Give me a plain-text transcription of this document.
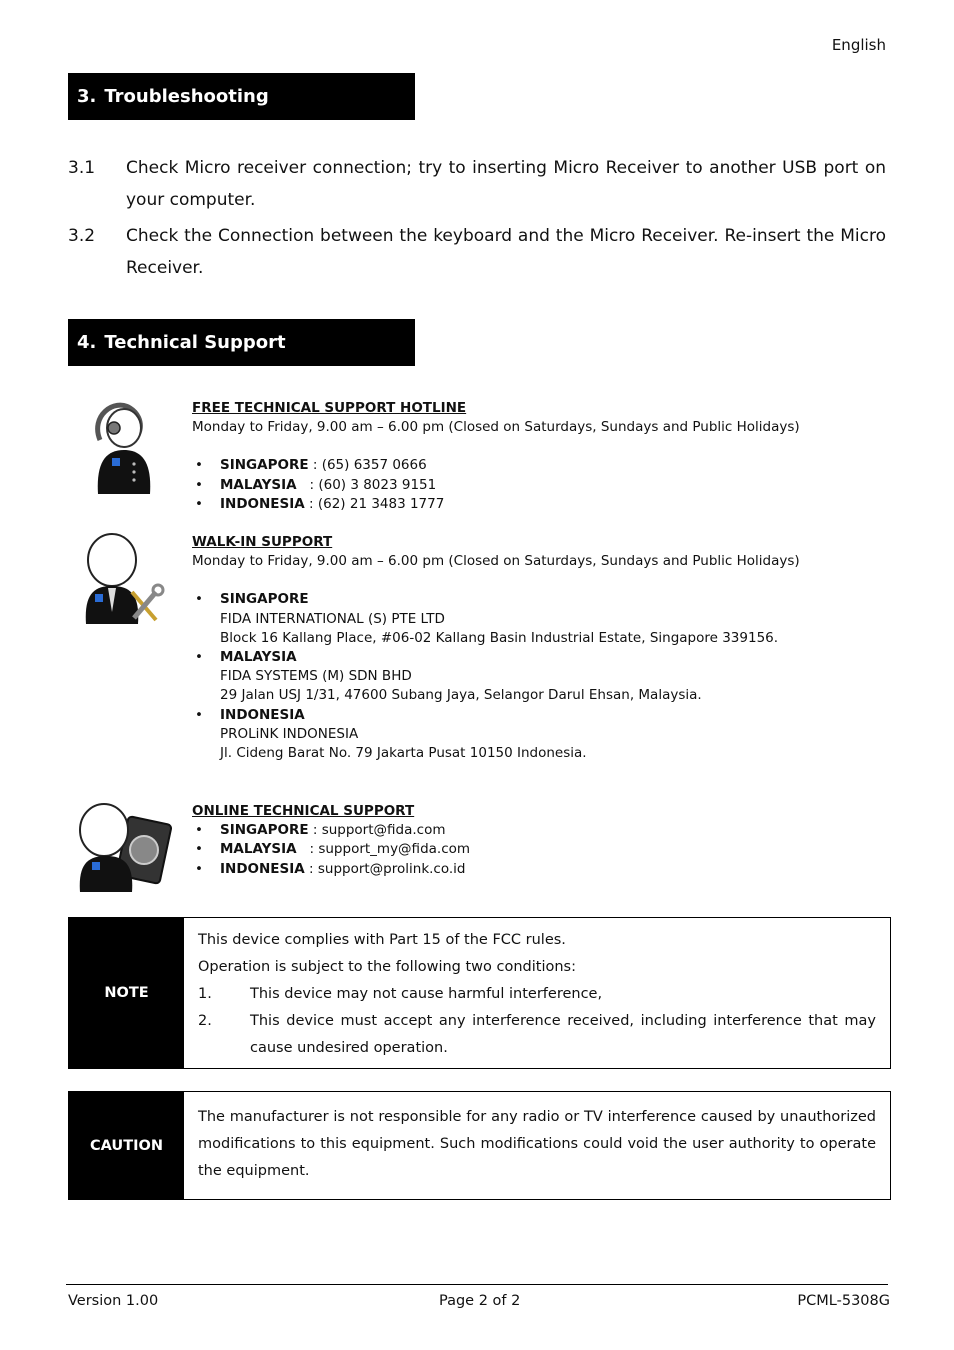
English
3. Troubleshooting
3.1	Check Micro receiver connection; try to inserting Micro Receiver to another USB port on your computer.
3.2	Check the Connection between the keyboard and the Micro Receiver. Re-insert the Micro Receiver.
4. Technical Support
FREE TECHNICAL SUPPORT HOTLINE
Monday to Friday, 9.00 am – 6.00 pm (Closed on Saturdays, Sundays and Public Holidays)
• SINGAPORE : (65) 6357 0666
• MALAYSIA   : (60) 3 8023 9151
• INDONESIA : (62) 21 3483 1777
WALK-IN SUPPORT
Monday to Friday, 9.00 am – 6.00 pm (Closed on Saturdays, Sundays and Public Holidays)
• SINGAPORE
FIDA INTERNATIONAL (S) PTE LTD
Block 16 Kallang Place, #06-02 Kallang Basin Industrial Estate, Singapore 339156.
• MALAYSIA
FIDA SYSTEMS (M) SDN BHD
29 Jalan USJ 1/31, 47600 Subang Jaya, Selangor Darul Ehsan, Malaysia.
• INDONESIA
PROLiNK INDONESIA
Jl. Cideng Barat No. 79 Jakarta Pusat 10150 Indonesia.
ONLINE TECHNICAL SUPPORT
• SINGAPORE : support@fida.com
• MALAYSIA   : support_my@fida.com
• INDONESIA : support@prolink.co.id
NOTE
This device complies with Part 15 of the FCC rules.
Operation is subject to the following two conditions:
1.	This device may not cause harmful interference,
2.	This device must accept any interference received, including interference that may cause undesired operation.
CAUTION

The manufacturer is not responsible for any radio or TV interference caused by unauthorized modifications to this equipment. Such modifications could void the user authority to operate the equipment.

Version 1.00	Page 2 of 2	PCML-5308G
